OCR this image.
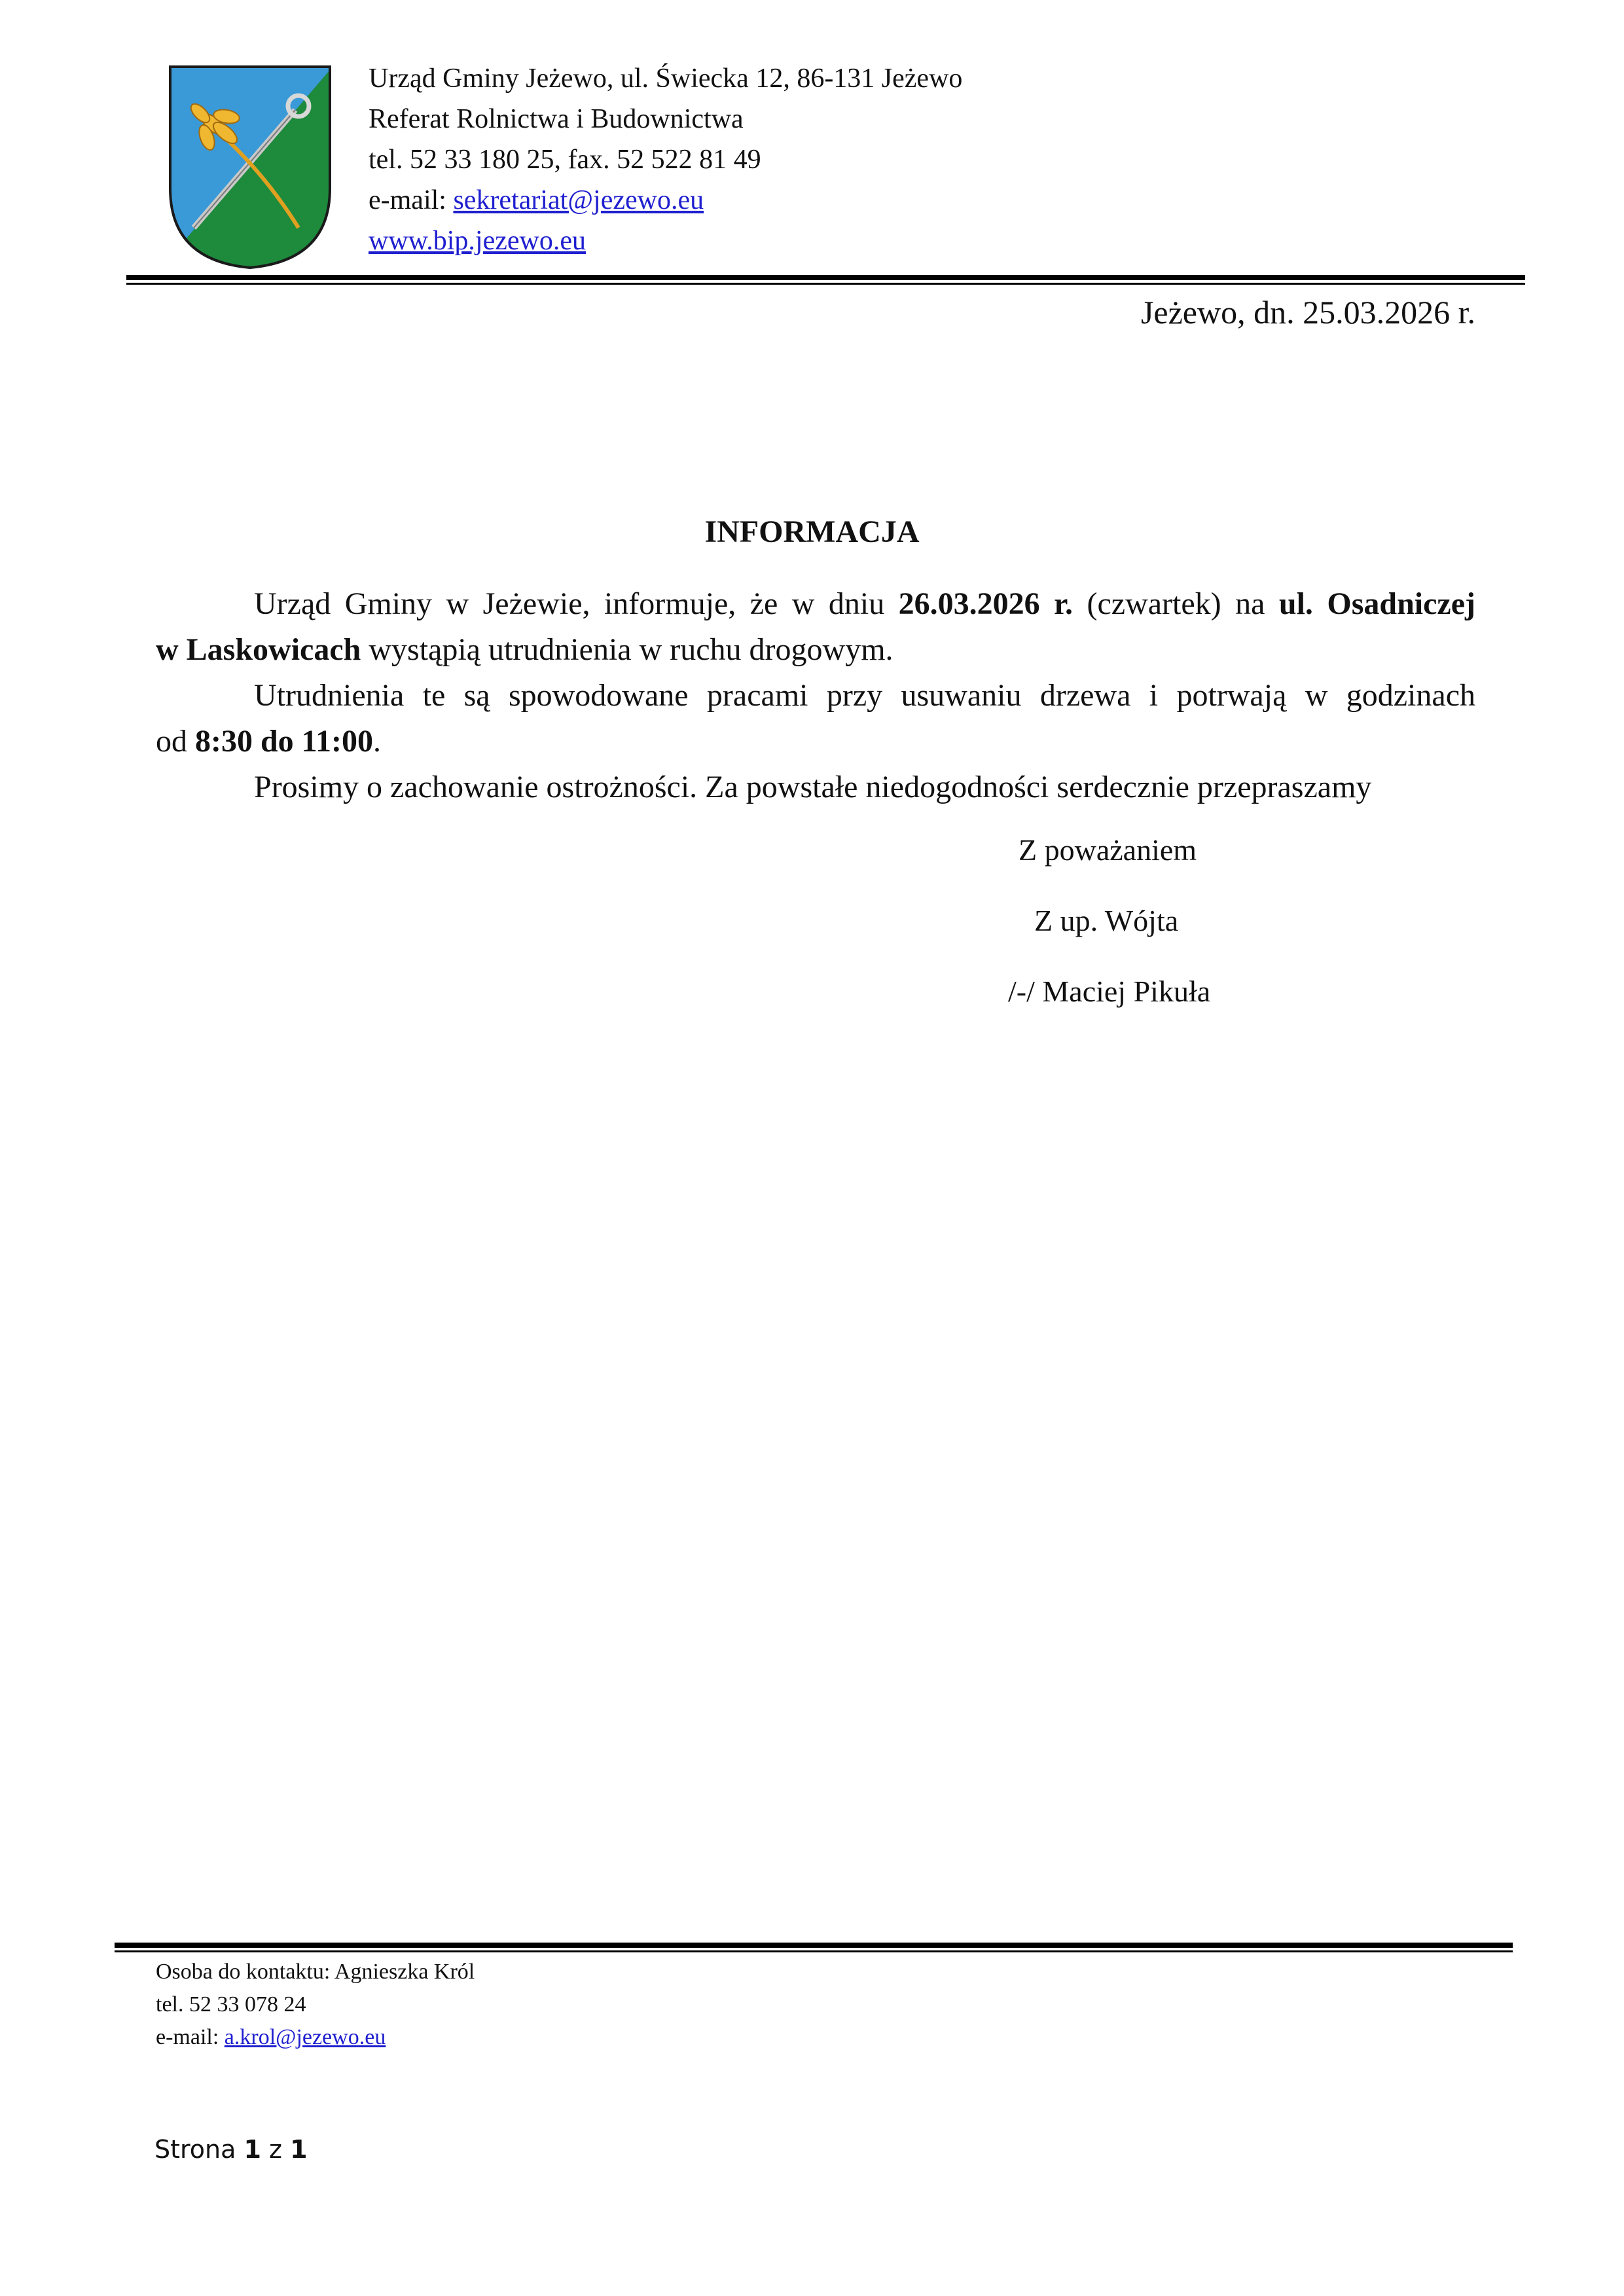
Urząd Gminy Jeżewo, ul. Świecka 12, 86-131 Jeżewo
Referat Rolnictwa i Budownictwa
tel. 52 33 180 25, fax. 52 522 81 49
e-mail: sekretariat@jezewo.eu
www.bip.jezewo.eu
Jeżewo, dn. 25.03.2026 r.
INFORMACJA
Urząd Gminy w Jeżewie, informuje, że w dniu 26.03.2026 r. (czwartek) na ul. Osadniczej
w Laskowicach wystąpią utrudnienia w ruchu drogowym.
Utrudnienia te są spowodowane pracami przy usuwaniu drzewa i potrwają w godzinach
od 8:30 do 11:00.
Prosimy o zachowanie ostrożności. Za powstałe niedogodności serdecznie przepraszamy
Z poważaniem
Z up. Wójta
/-/ Maciej Pikuła
Osoba do kontaktu: Agnieszka Król
tel. 52 33 078 24
e-mail: a.krol@jezewo.eu
Strona 1 z 1
